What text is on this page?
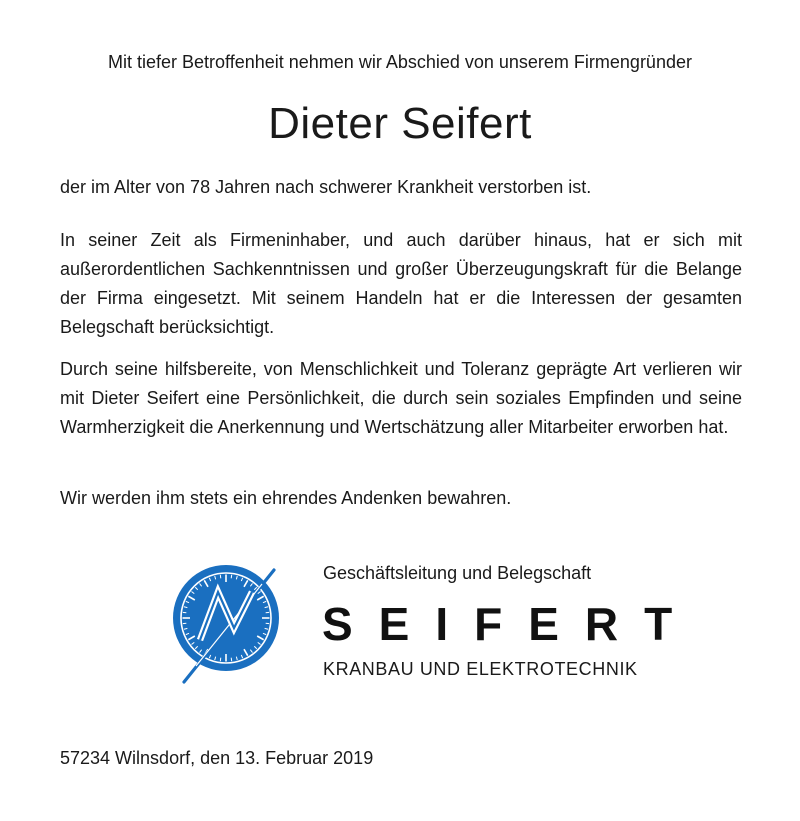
Mit tiefer Betroffenheit nehmen wir Abschied von unserem Firmengründer
Dieter Seifert

der im Alter von 78 Jahren nach schwerer Krankheit verstorben ist.

In seiner Zeit als Firmeninhaber, und auch darüber hinaus, hat er sich mit außerordentlichen Sachkenntnissen und großer Überzeugungskraft für die Belange der Firma eingesetzt. Mit seinem Handeln hat er die Interessen der gesamten Belegschaft berücksichtigt.

Durch seine hilfsbereite, von Menschlichkeit und Toleranz geprägte Art verlieren wir mit Dieter Seifert eine Persönlichkeit, die durch sein soziales Empfinden und seine Warmherzigkeit die Anerkennung und Wertschätzung aller Mitarbeiter erworben hat.

Wir werden ihm stets ein ehrendes Andenken bewahren.

Geschäftsleitung und Belegschaft
SEIFERT
KRANBAU UND ELEKTROTECHNIK
57234 Wilnsdorf, den 13. Februar 2019
